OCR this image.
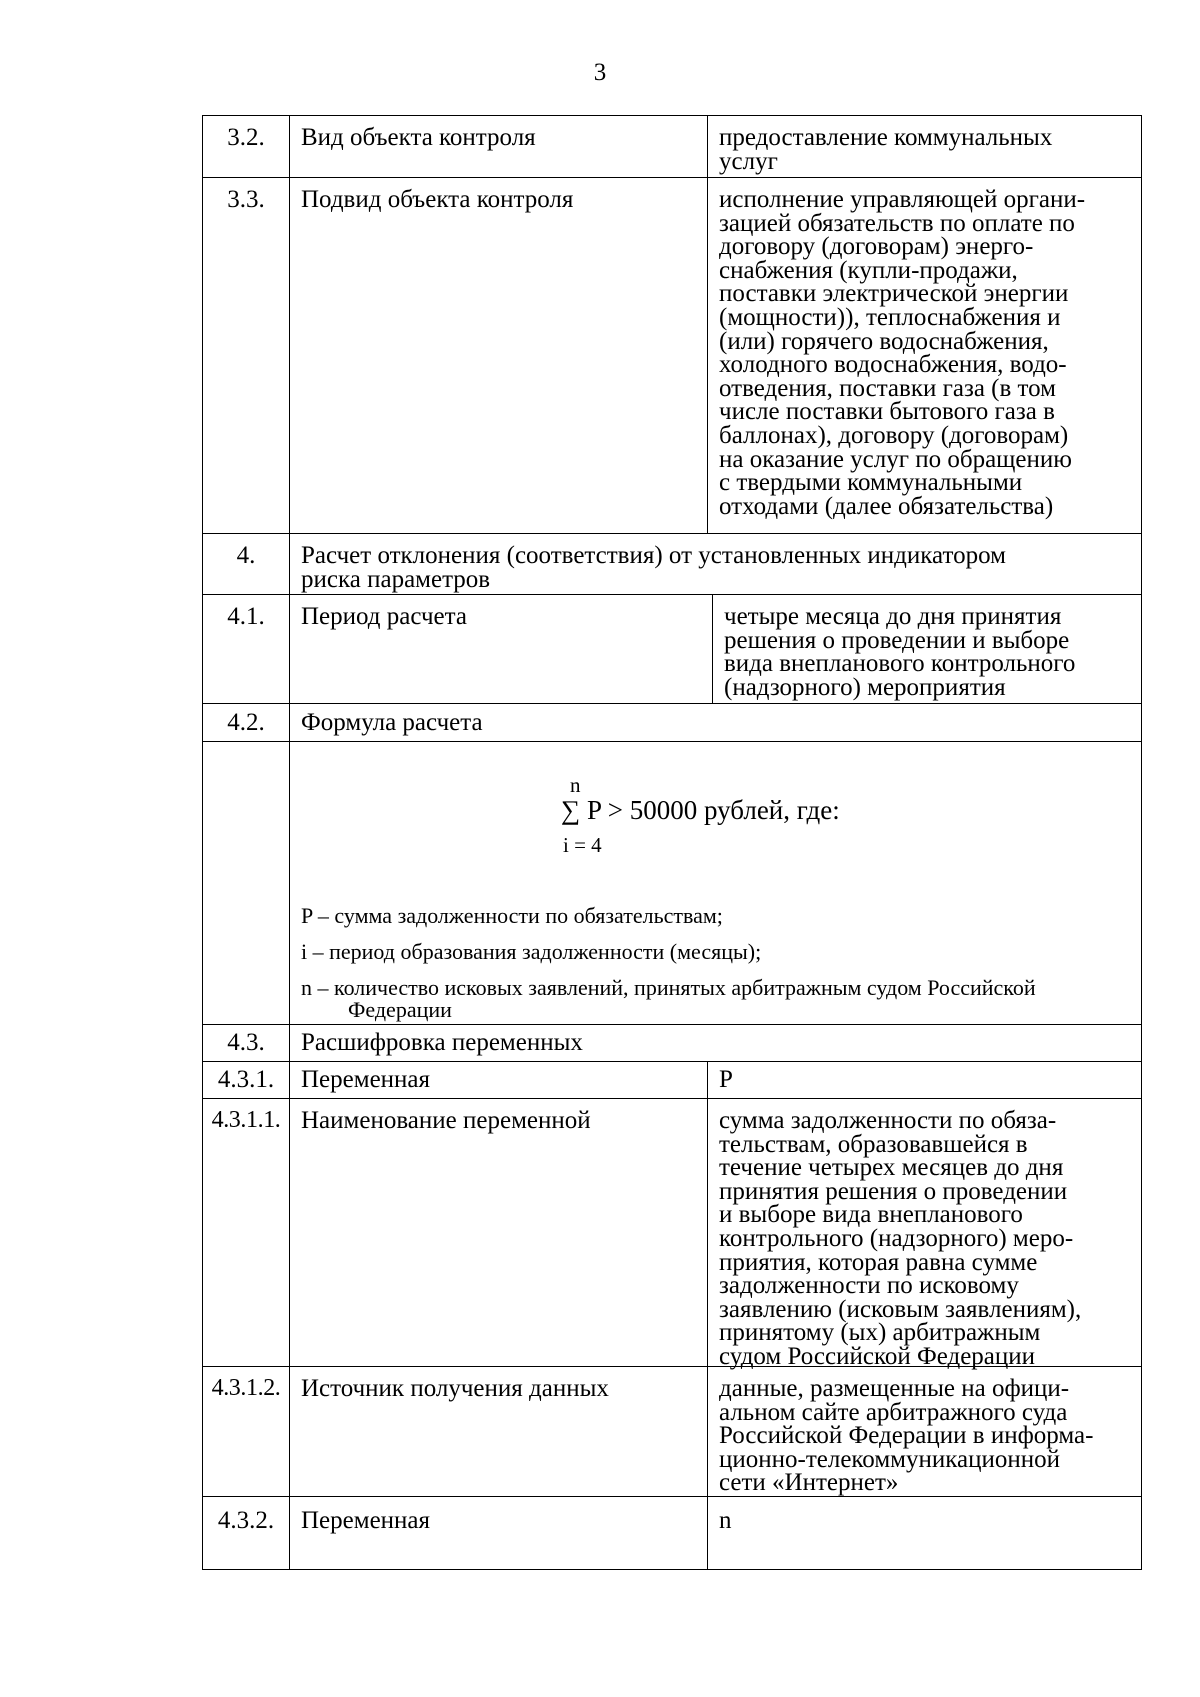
3
3.2.	Вид объекта контроля	предоставление коммунальных
услуг
3.3.	Подвид объекта контроля	исполнение управляющей органи-
зацией обязательств по оплате по
договору (договорам) энерго-
снабжения (купли-продажи,
поставки электрической энергии
(мощности)), теплоснабжения и
(или) горячего водоснабжения,
холодного водоснабжения, водо-
отведения, поставки газа (в том
числе поставки бытового газа в
баллонах), договору (договорам)
на оказание услуг по обращению
с твердыми коммунальными
отходами (далее обязательства)
4.	Расчет отклонения (соответствия) от установленных индикатором
риска параметров
4.1.	Период расчета	четыре месяца до дня принятия
решения о проведении и выборе
вида внепланового контрольного
(надзорного) мероприятия
4.2.	Формула расчета
n
∑ P > 50000 рублей, где:
i = 4
P – сумма задолженности по обязательствам;
i – период образования задолженности (месяцы);
n – количество исковых заявлений, принятых арбитражным судом Российской
Федерации
4.3.	Расшифровка переменных
4.3.1.	Переменная	P
4.3.1.1. Наименование переменной	сумма задолженности по обяза-
тельствам, образовавшейся в
течение четырех месяцев до дня
принятия решения о проведении
и выборе вида внепланового
контрольного (надзорного) меро-
приятия, которая равна сумме
задолженности по исковому
заявлению (исковым заявлениям),
принятому (ых) арбитражным
судом Российской Федерации
4.3.1.2. Источник получения данных	данные, размещенные на офици-
альном сайте арбитражного суда
Российской Федерации в информа-
ционно-телекоммуникационной
сети «Интернет»
4.3.2.	Переменная	n
